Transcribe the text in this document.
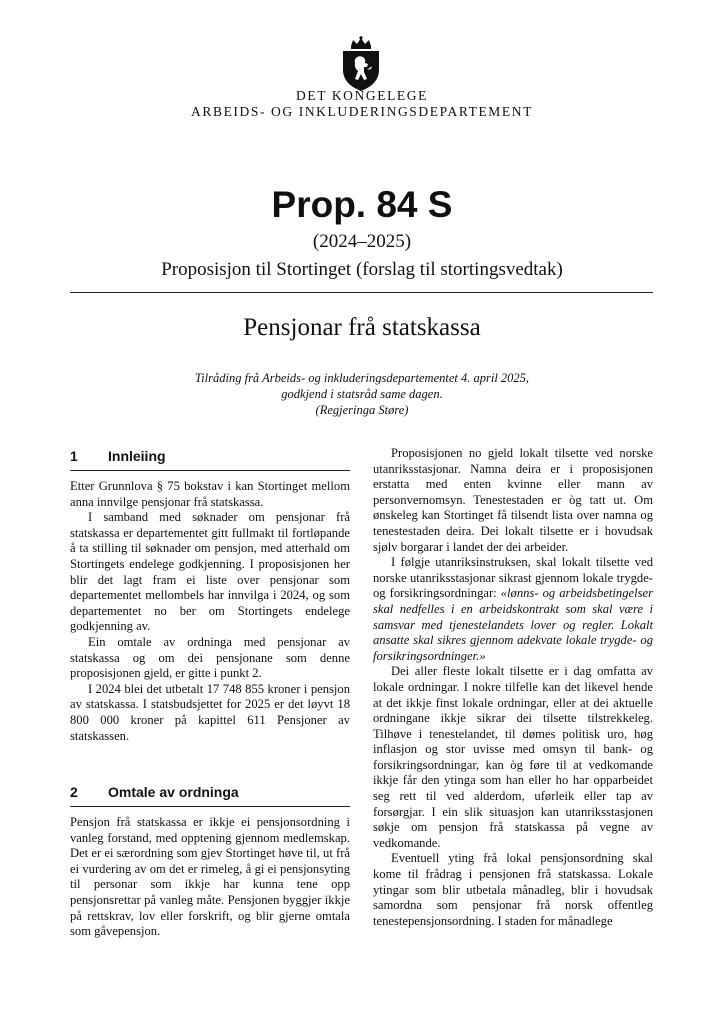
DET KONGELEGE
ARBEIDS- OG INKLUDERINGSDEPARTEMENT
Prop. 84 S
(2024–2025)
Proposisjon til Stortinget (forslag til stortingsvedtak)
Pensjonar frå statskassa
Tilråding frå Arbeids- og inkluderingsdepartementet 4. april 2025,
godkjend i statsråd same dagen.
(Regjeringa Støre)
1	Innleiing

Etter Grunnlova § 75 bokstav i kan Stortinget mellom anna innvilge pensjonar frå statskassa.

I samband med søknader om pensjonar frå statskassa er departementet gitt fullmakt til fortløpande å ta stilling til søknader om pensjon, med atterhald om Stortingets endelege godkjenning. I proposisjonen her blir det lagt fram ei liste over pensjonar som departementet mellombels har innvilga i 2024, og som departementet no ber om Stortingets endelege godkjenning av.

Ein omtale av ordninga med pensjonar av statskassa og om dei pensjonane som denne proposisjonen gjeld, er gitte i punkt 2.

I 2024 blei det utbetalt 17 748 855 kroner i pensjon av statskassa. I statsbudsjettet for 2025 er det løyvt 18 800 000 kroner på kapittel 611 Pensjoner av statskassen.

2	Omtale av ordninga

Pensjon frå statskassa er ikkje ei pensjonsordning i vanleg forstand, med opptening gjennom medlemskap. Det er ei særordning som gjev Stortinget høve til, ut frå ei vurdering av om det er rimeleg, å gi ei pensjonsyting til personar som ikkje har kunna tene opp pensjonsrettar på vanleg måte. Pensjonen byggjer ikkje på rettskrav, lov eller forskrift, og blir gjerne omtala som gåvepensjon.

Proposisjonen no gjeld lokalt tilsette ved norske utanriksstasjonar. Namna deira er i proposisjonen erstatta med enten kvinne eller mann av personvernomsyn. Tenestestaden er òg tatt ut. Om ønskeleg kan Stortinget få tilsendt lista over namna og tenestestaden deira. Dei lokalt tilsette er i hovudsak sjølv borgarar i landet der dei arbeider.

I følgje utanriksinstruksen, skal lokalt tilsette ved norske utanriksstasjonar sikrast gjennom lokale trygde- og forsikringsordningar: «lønns- og arbeidsbetingelser skal nedfelles i en arbeidskontrakt som skal være i samsvar med tjenestelandets lover og regler. Lokalt ansatte skal sikres gjennom adekvate lokale trygde- og forsikringsordninger.»

Dei aller fleste lokalt tilsette er i dag omfatta av lokale ordningar. I nokre tilfelle kan det likevel hende at det ikkje finst lokale ordningar, eller at dei aktuelle ordningane ikkje sikrar dei tilsette tilstrekkeleg. Tilhøve i tenestelandet, til dømes politisk uro, høg inflasjon og stor uvisse med omsyn til bank- og forsikringsordningar, kan òg føre til at vedkomande ikkje får den ytinga som han eller ho har opparbeidet seg rett til ved alderdom, uførleik eller tap av forsørgjar. I ein slik situasjon kan utanriksstasjonen søkje om pensjon frå statskassa på vegne av vedkomande.

Eventuell yting frå lokal pensjonsordning skal kome til frådrag i pensjonen frå statskassa. Lokale ytingar som blir utbetala månadleg, blir i hovudsak samordna som pensjonar frå norsk offentleg tenestepensjonsordning. I staden for månadlege
